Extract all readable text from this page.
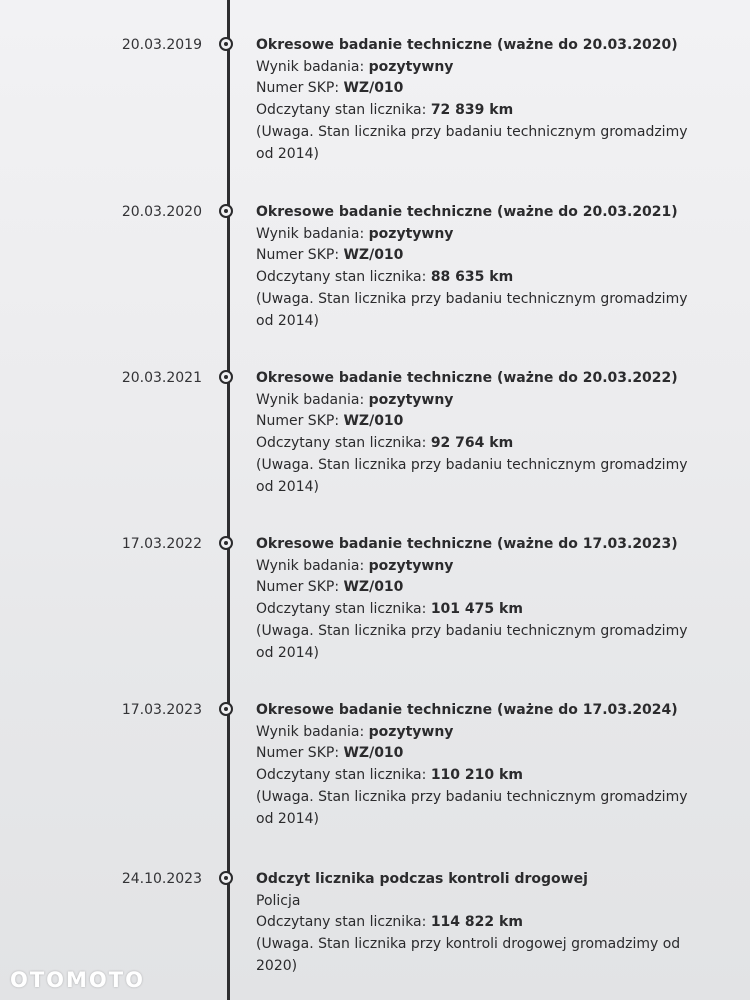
20.03.2019	Okresowe badanie techniczne (ważne do 20.03.2020)
Wynik badania: pozytywny
Numer SKP: WZ/010
Odczytany stan licznika: 72 839 km
(Uwaga. Stan licznika przy badaniu technicznym gromadzimy od 2014)
20.03.2020	Okresowe badanie techniczne (ważne do 20.03.2021)
Wynik badania: pozytywny
Numer SKP: WZ/010
Odczytany stan licznika: 88 635 km
(Uwaga. Stan licznika przy badaniu technicznym gromadzimy od 2014)
20.03.2021	Okresowe badanie techniczne (ważne do 20.03.2022)
Wynik badania: pozytywny
Numer SKP: WZ/010
Odczytany stan licznika: 92 764 km
(Uwaga. Stan licznika przy badaniu technicznym gromadzimy od 2014)
17.03.2022	Okresowe badanie techniczne (ważne do 17.03.2023)
Wynik badania: pozytywny
Numer SKP: WZ/010
Odczytany stan licznika: 101 475 km
(Uwaga. Stan licznika przy badaniu technicznym gromadzimy od 2014)
17.03.2023	Okresowe badanie techniczne (ważne do 17.03.2024)
Wynik badania: pozytywny
Numer SKP: WZ/010
Odczytany stan licznika: 110 210 km
(Uwaga. Stan licznika przy badaniu technicznym gromadzimy od 2014)
24.10.2023	Odczyt licznika podczas kontroli drogowej
Policja
Odczytany stan licznika: 114 822 km
(Uwaga. Stan licznika przy kontroli drogowej gromadzimy od 2020)
OTOMOTO
